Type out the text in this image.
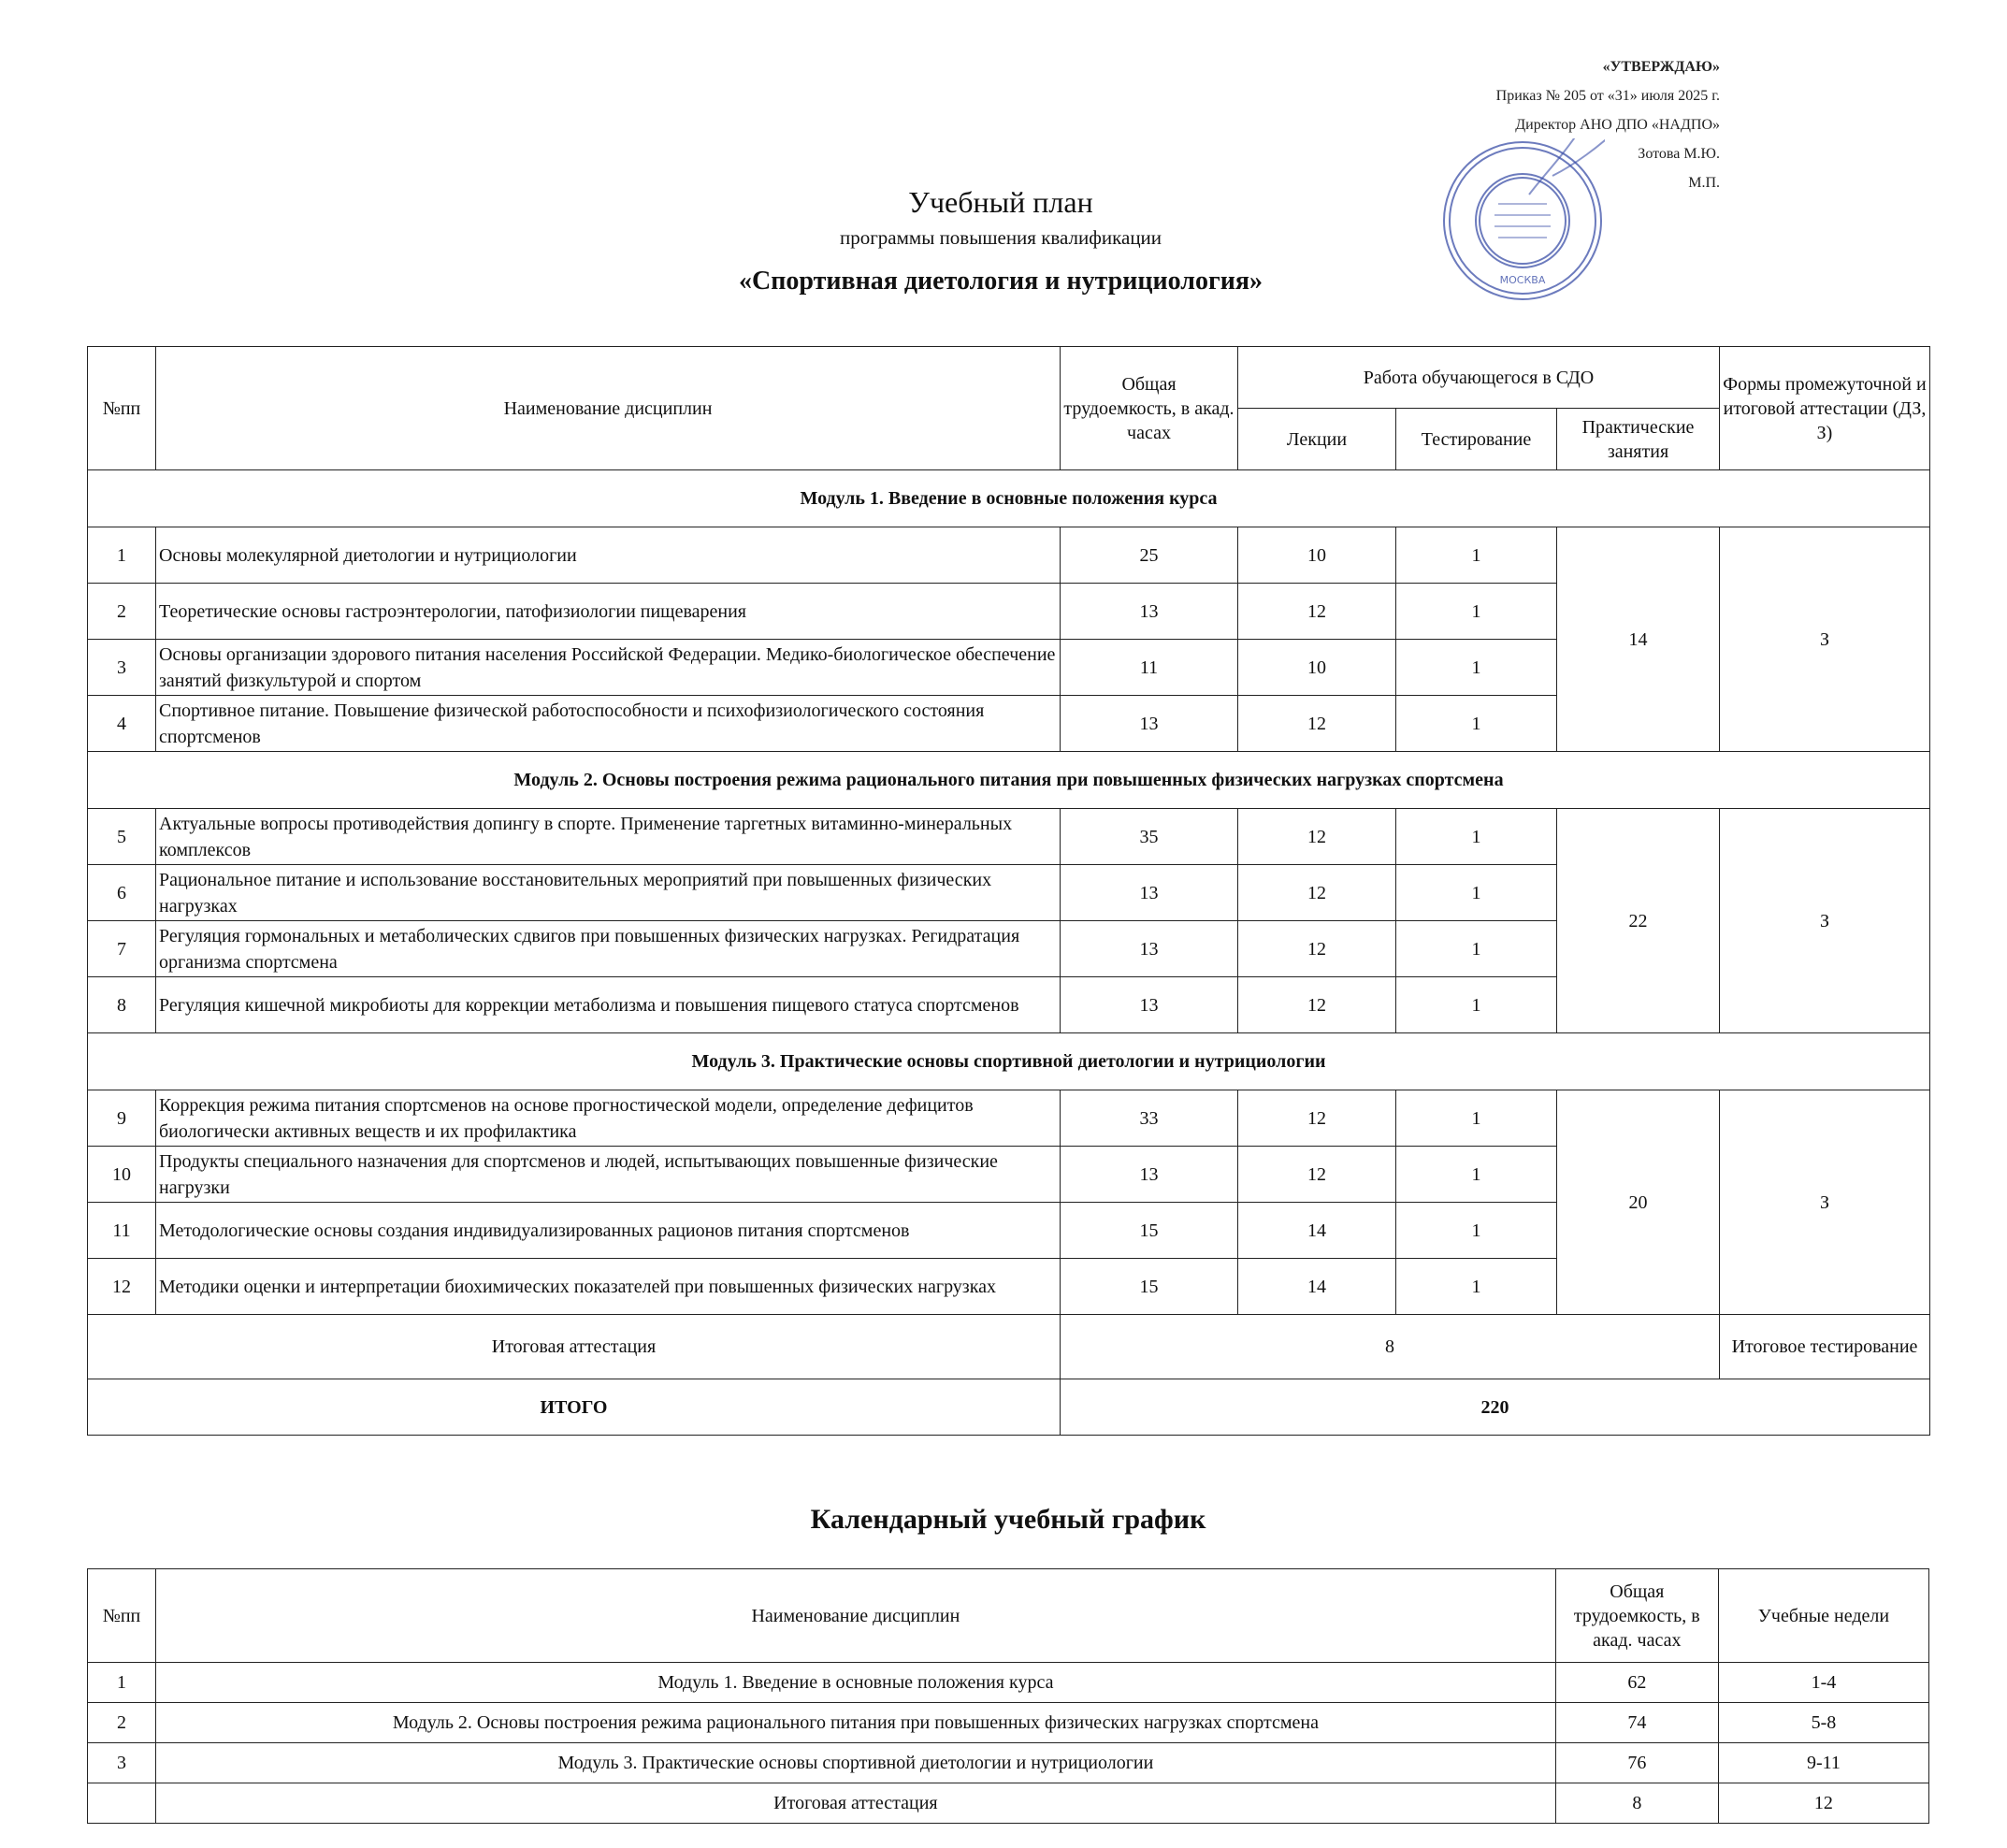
«УТВЕРЖДАЮ»
Приказ № 205 от «31» июля 2025 г.
Директор АНО ДПО «НАДПО»
Зотова М.Ю.
М.П.
МОСКВА
Учебный план
программы повышения квалификации
«Спортивная диетология и нутрициология»
№пп	Наименование дисциплин	Общая трудоемкость, в акад. часах	Работа обучающегося в СДО			Формы промежуточной и итоговой аттестации (ДЗ, З)
			Лекции	Тестирование	Практические занятия	
Модуль 1. Введение в основные положения курса						
1	Основы молекулярной диетологии и нутрициологии	25	10	1	14	З
2	Теоретические основы гастроэнтерологии, патофизиологии пищеварения	13	12	1		
3	Основы организации здорового питания населения Российской Федерации. Медико-биологическое обеспечение занятий физкультурой и спортом	11	10	1		
4	Спортивное питание. Повышение физической работоспособности и психофизиологического состояния спортсменов	13	12	1		
Модуль 2. Основы построения режима рационального питания при повышенных физических нагрузках спортсмена						
5	Актуальные вопросы противодействия допингу в спорте. Применение таргетных витаминно-минеральных комплексов	35	12	1	22	З
6	Рациональное питание и использование восстановительных мероприятий при повышенных физических нагрузках	13	12	1		
7	Регуляция гормональных и метаболических сдвигов при повышенных физических нагрузках. Регидратация организма спортсмена	13	12	1		
8	Регуляция кишечной микробиоты для коррекции метаболизма и повышения пищевого статуса спортсменов	13	12	1		
Модуль 3. Практические основы спортивной диетологии и нутрициологии						
9	Коррекция режима питания спортсменов на основе прогностической модели, определение дефицитов биологически активных веществ и их профилактика	33	12	1	20	З
10	Продукты специального назначения для спортсменов и людей, испытывающих повышенные физические нагрузки	13	12	1		
11	Методологические основы создания индивидуализированных рационов питания спортсменов	15	14	1		
12	Методики оценки и интерпретации биохимических показателей при повышенных физических нагрузках	15	14	1		
Итоговая аттестация		8				Итоговое тестирование
ИТОГО		220				
Календарный учебный график
№пп	Наименование дисциплин	Общая трудоемкость, в акад. часах	Учебные недели
1	Модуль 1. Введение в основные положения курса	62	1-4
2	Модуль 2. Основы построения режима рационального питания при повышенных физических нагрузках спортсмена	74	5-8
3	Модуль 3. Практические основы спортивной диетологии и нутрициологии	76	9-11
	Итоговая аттестация	8	12
